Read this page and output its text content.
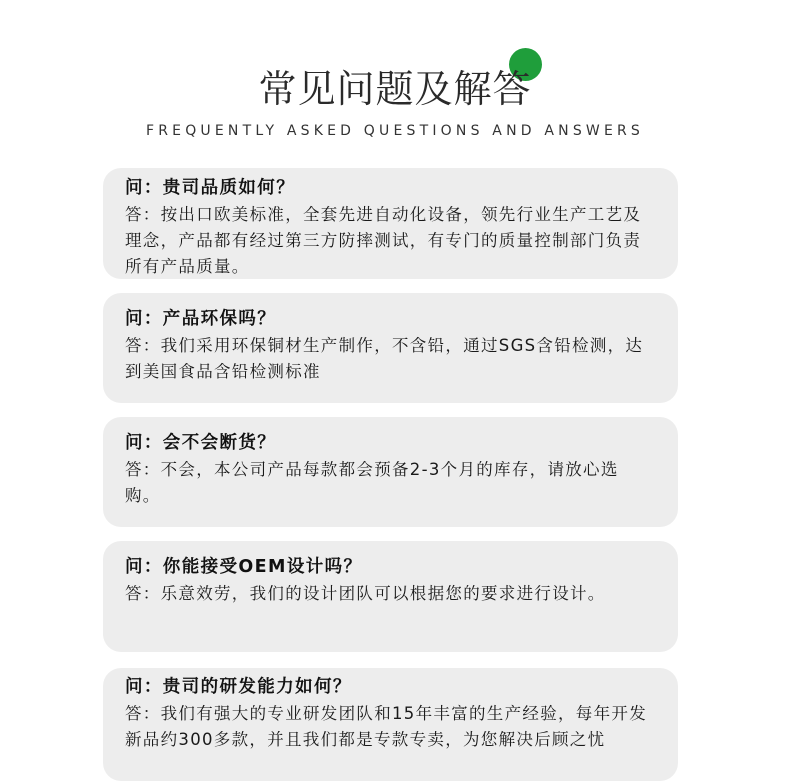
常见问题及解答

FREQUENTLY ASKED QUESTIONS AND ANSWERS

问：贵司品质如何？
答：按出口欧美标准，全套先进自动化设备，领先行业生产工艺及理念，产品都有经过第三方防摔测试，有专门的质量控制部门负责所有产品质量。
问：产品环保吗？
答：我们采用环保铜材生产制作，不含铅，通过SGS含铅检测，达到美国食品含铅检测标准
问：会不会断货？
答：不会，本公司产品每款都会预备2-3个月的库存，请放心选购。
问：你能接受OEM设计吗？
答：乐意效劳，我们的设计团队可以根据您的要求进行设计。
问：贵司的研发能力如何？
答：我们有强大的专业研发团队和15年丰富的生产经验，每年开发新品约300多款，并且我们都是专款专卖，为您解决后顾之忧
